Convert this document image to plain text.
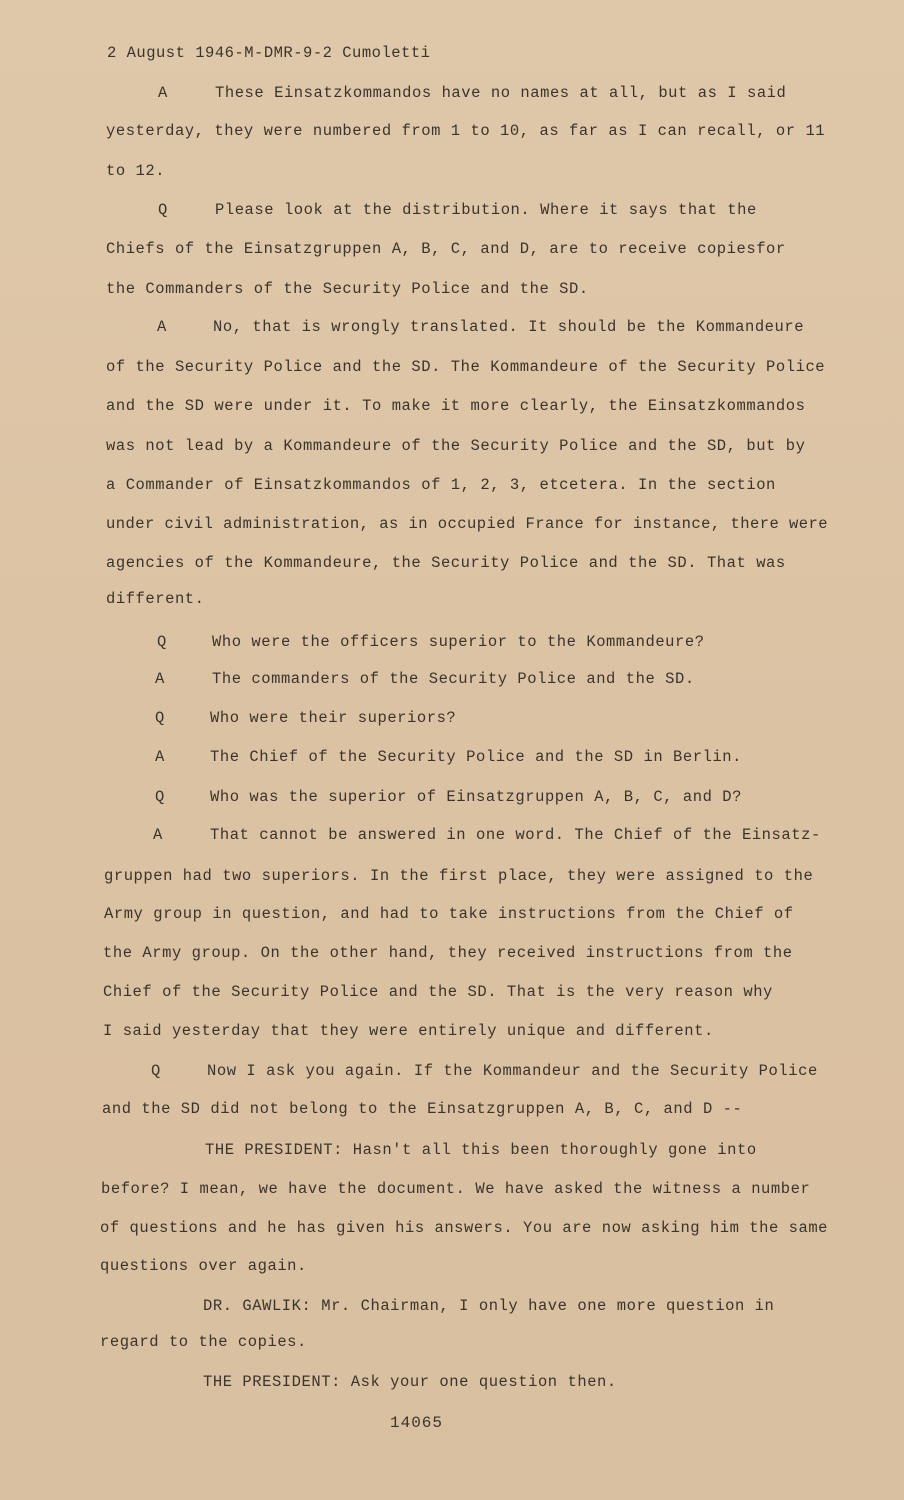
2 August 1946-M-DMR-9-2 Cumoletti
A	These Einsatzkommandos have no names at all, but as I said
yesterday, they were numbered from 1 to 10, as far as I can recall, or 11
to 12.
Q	Please look at the distribution. Where it says that the
Chiefs of the Einsatzgruppen A, B, C, and D, are to receive copiesfor
the Commanders of the Security Police and the SD.
A	No, that is wrongly translated. It should be the Kommandeure
of the Security Police and the SD. The Kommandeure of the Security Police
and the SD were under it. To make it more clearly, the Einsatzkommandos
was not lead by a Kommandeure of the Security Police and the SD, but by
a Commander of Einsatzkommandos of 1, 2, 3, etcetera. In the section
under civil administration, as in occupied France for instance, there were
agencies of the Kommandeure, the Security Police and the SD. That was
different.
Q	Who were the officers superior to the Kommandeure?
A	The commanders of the Security Police and the SD.
Q	Who were their superiors?
A	The Chief of the Security Police and the SD in Berlin.
Q	Who was the superior of Einsatzgruppen A, B, C, and D?
A	That cannot be answered in one word. The Chief of the Einsatz-
gruppen had two superiors. In the first place, they were assigned to the
Army group in question, and had to take instructions from the Chief of
the Army group. On the other hand, they received instructions from the
Chief of the Security Police and the SD. That is the very reason why
I said yesterday that they were entirely unique and different.
Q	Now I ask you again. If the Kommandeur and the Security Police
and the SD did not belong to the Einsatzgruppen A, B, C, and D --
THE PRESIDENT: Hasn't all this been thoroughly gone into
before? I mean, we have the document. We have asked the witness a number
of questions and he has given his answers. You are now asking him the same
questions over again.
DR. GAWLIK: Mr. Chairman, I only have one more question in
regard to the copies.
THE PRESIDENT: Ask your one question then.
14065
